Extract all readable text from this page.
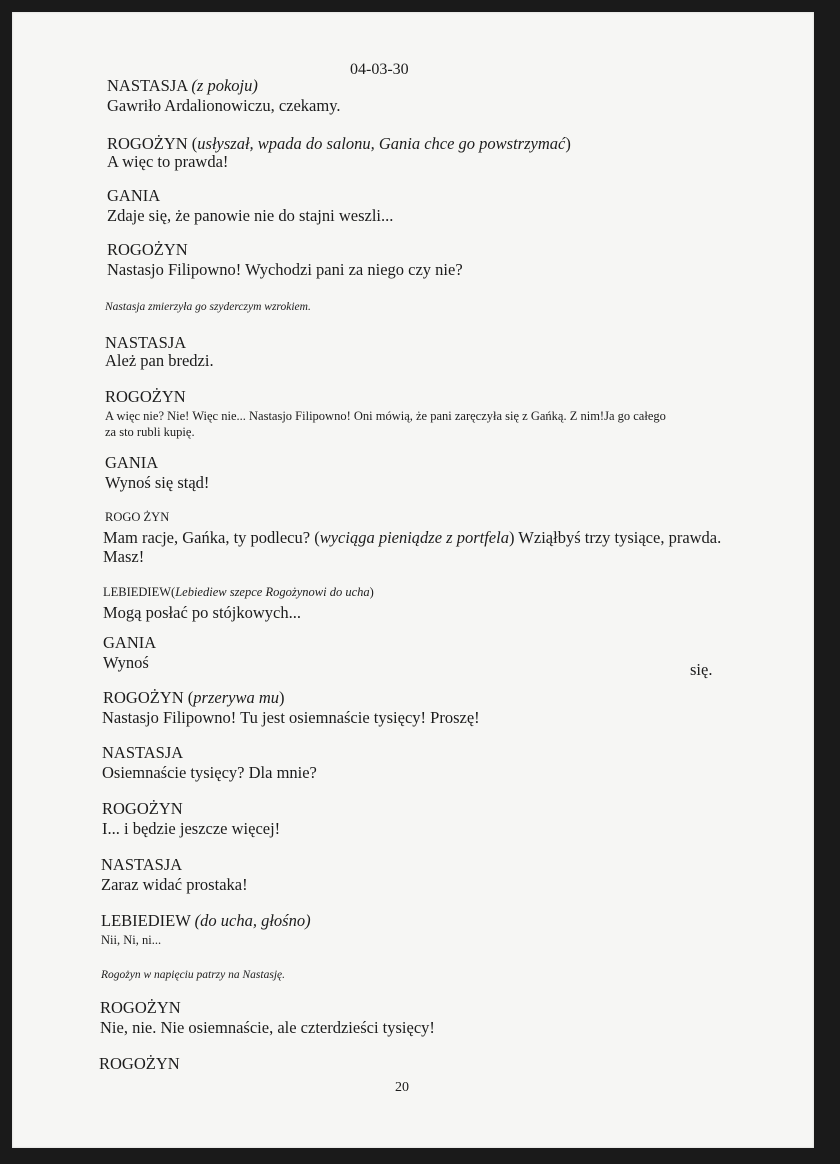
04-03-30
NASTASJA (z pokoju)
Gawriło Ardalionowiczu, czekamy.
ROGOŻYN (usłyszał, wpada do salonu, Gania chce go powstrzymać)
A więc to prawda!
GANIA
Zdaje się, że panowie nie do stajni weszli...
ROGOŻYN
Nastasjo Filipowno! Wychodzi pani za niego czy nie?
Nastasja zmierzyła go szyderczym wzrokiem.
NASTASJA
Ależ pan bredzi.
ROGOŻYN
A więc nie? Nie! Więc nie... Nastasjo Filipowno! Oni mówią, że pani zaręczyła się z Gańką. Z nim!Ja go całego
za sto rubli kupię.
GANIA
Wynoś się stąd!
ROGO ŻYN
Mam racje, Gańka, ty podlecu? (wyciąga pieniądze z portfela) Wziąłbyś trzy tysiące, prawda.
Masz!
LEBIEDIEW(Lebiediew szepce Rogożynowi do ucha)
Mogą posłać po stójkowych...
GANIA
Wynoś	się.
ROGOŻYN (przerywa mu)
Nastasjo Filipowno! Tu jest osiemnaście tysięcy! Proszę!
NASTASJA
Osiemnaście tysięcy? Dla mnie?
ROGOŻYN
I... i będzie jeszcze więcej!
NASTASJA
Zaraz widać prostaka!
LEBIEDIEW (do ucha, głośno)
Nii, Ni, ni...
Rogożyn w napięciu patrzy na Nastasję.
ROGOŻYN
Nie, nie. Nie osiemnaście, ale czterdzieści tysięcy!
ROGOŻYN
20
